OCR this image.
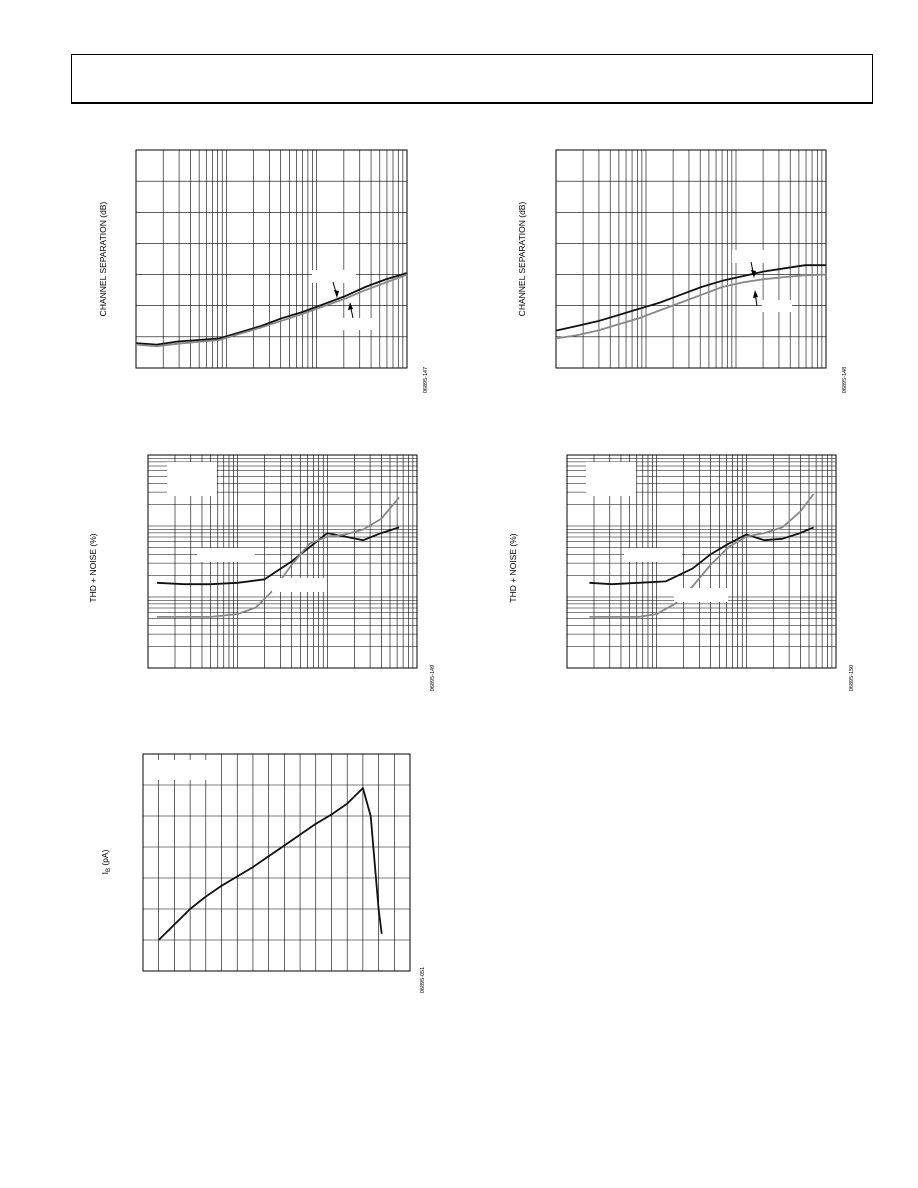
CHANNEL SEPARATION (dB)
06895-147
CHANNEL SEPARATION (dB)
06895-148
THD + NOISE (%)
06895-149
THD + NOISE (%)
06895-150
$I_B$ (pA)
06895-051
